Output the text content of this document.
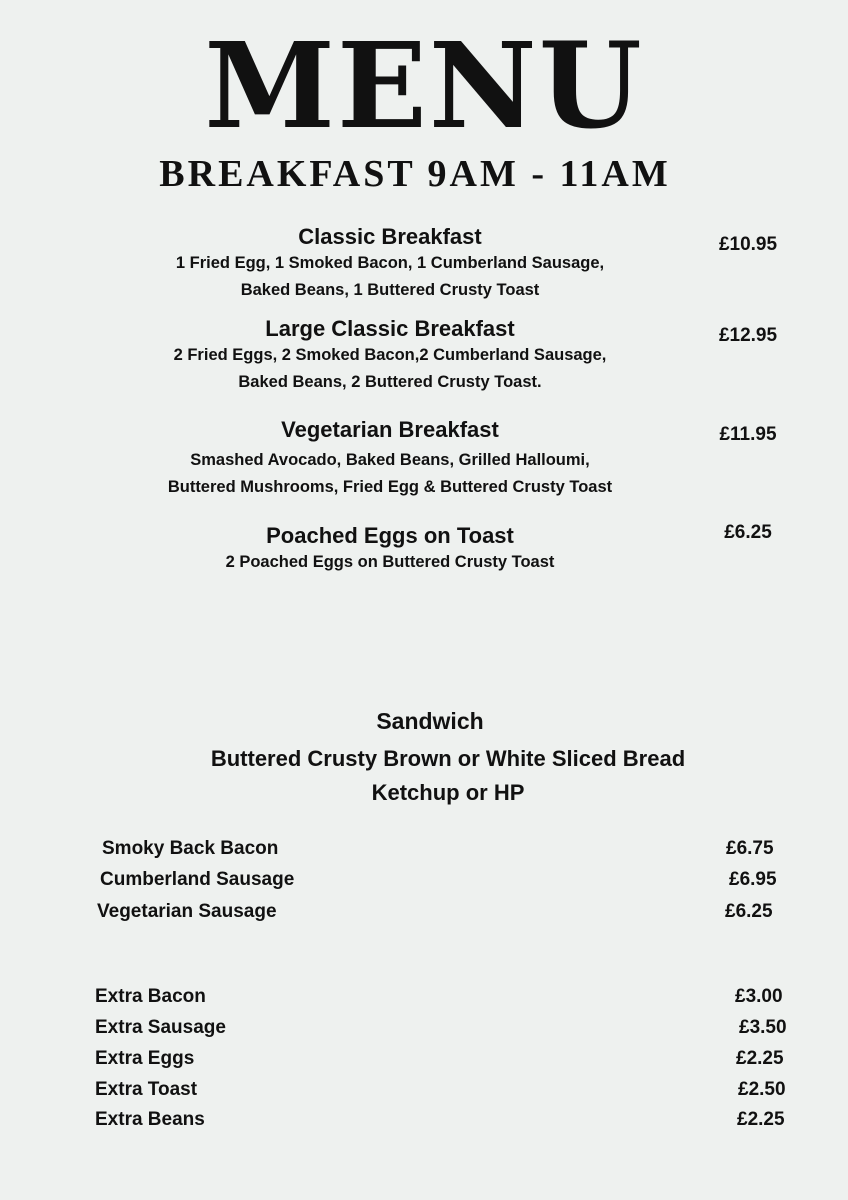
MENU
BREAKFAST 9AM - 11AM
Classic Breakfast
1 Fried Egg, 1 Smoked Bacon, 1 Cumberland Sausage,
Baked Beans, 1 Buttered Crusty Toast
£10.95
Large Classic Breakfast
2 Fried Eggs, 2 Smoked Bacon,2 Cumberland Sausage,
Baked Beans, 2 Buttered Crusty Toast.
£12.95
Vegetarian Breakfast
Smashed Avocado, Baked Beans, Grilled Halloumi,
Buttered Mushrooms, Fried Egg & Buttered Crusty Toast
£11.95
Poached Eggs on Toast
2 Poached Eggs on Buttered Crusty Toast
£6.25
Sandwich
Buttered Crusty Brown or White Sliced Bread
Ketchup or HP
Smoky Back Bacon	£6.75
Cumberland Sausage	£6.95
Vegetarian Sausage	£6.25
Extra Bacon	£3.00
Extra Sausage	£3.50
Extra Eggs	£2.25
Extra Toast	£2.50
Extra Beans	£2.25
